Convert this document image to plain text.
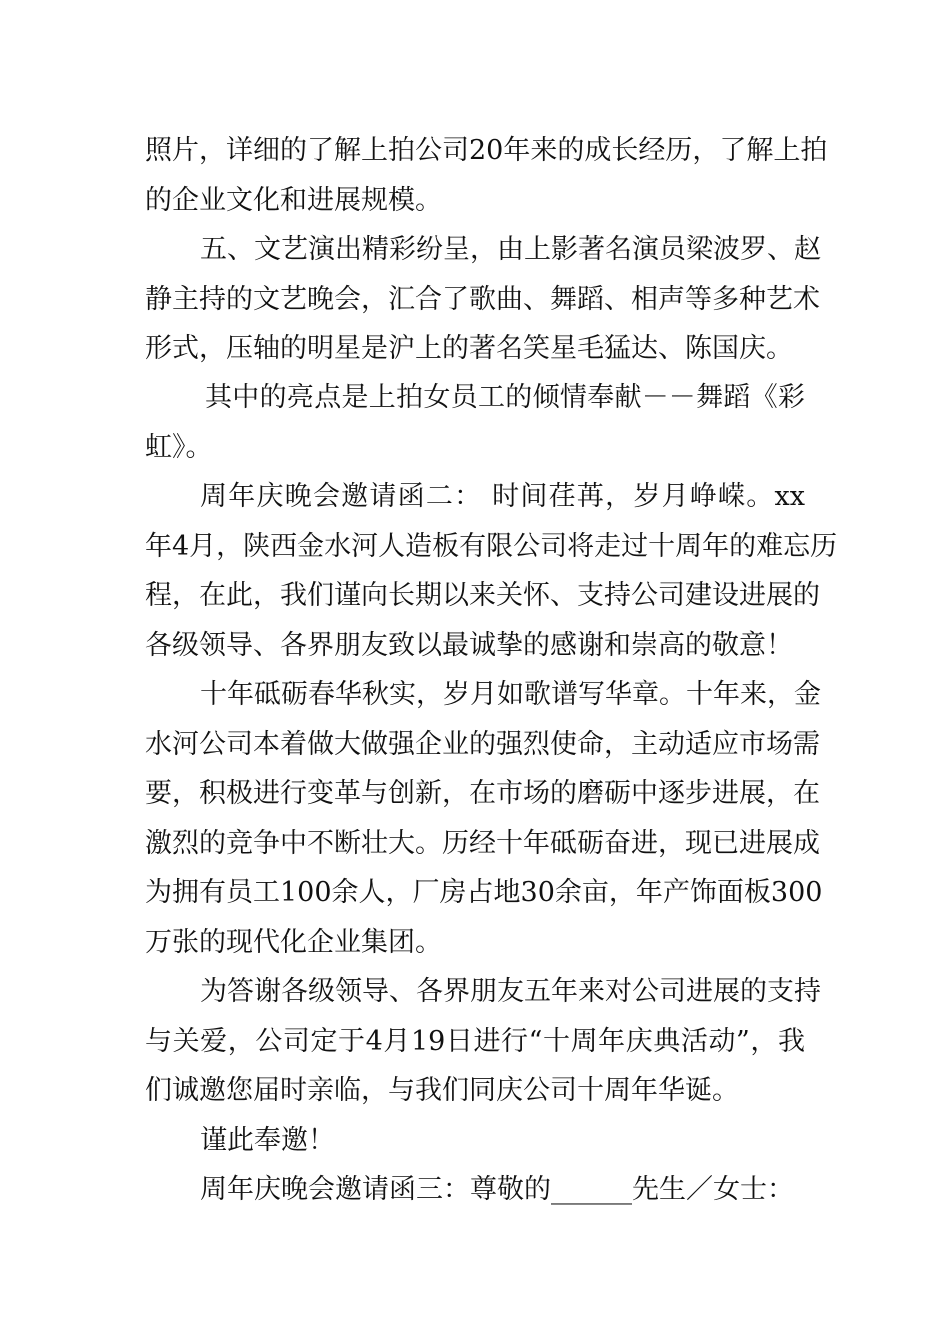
照片，详细的了解上拍公司20年来的成长经历，了解上拍
的企业文化和进展规模。
五、文艺演出精彩纷呈，由上影著名演员梁波罗、赵
静主持的文艺晚会，汇合了歌曲、舞蹈、相声等多种艺术
形式，压轴的明星是沪上的著名笑星毛猛达、陈国庆。
其中的亮点是上拍女员工的倾情奉献－－舞蹈《彩
虹》。
周年庆晚会邀请函二： 时间荏苒，岁月峥嵘。xx
年4月，陕西金水河人造板有限公司将走过十周年的难忘历
程，在此，我们谨向长期以来关怀、支持公司建设进展的
各级领导、各界朋友致以最诚挚的感谢和崇高的敬意！
十年砥砺春华秋实，岁月如歌谱写华章。十年来，金
水河公司本着做大做强企业的强烈使命，主动适应市场需
要，积极进行变革与创新，在市场的磨砺中逐步进展，在
激烈的竞争中不断壮大。历经十年砥砺奋进，现已进展成
为拥有员工100余人，厂房占地30余亩，年产饰面板300
万张的现代化企业集团。
为答谢各级领导、各界朋友五年来对公司进展的支持
与关爱，公司定于4月19日进行“十周年庆典活动”，我
们诚邀您届时亲临，与我们同庆公司十周年华诞。
谨此奉邀！
周年庆晚会邀请函三：尊敬的______先生／女士：
